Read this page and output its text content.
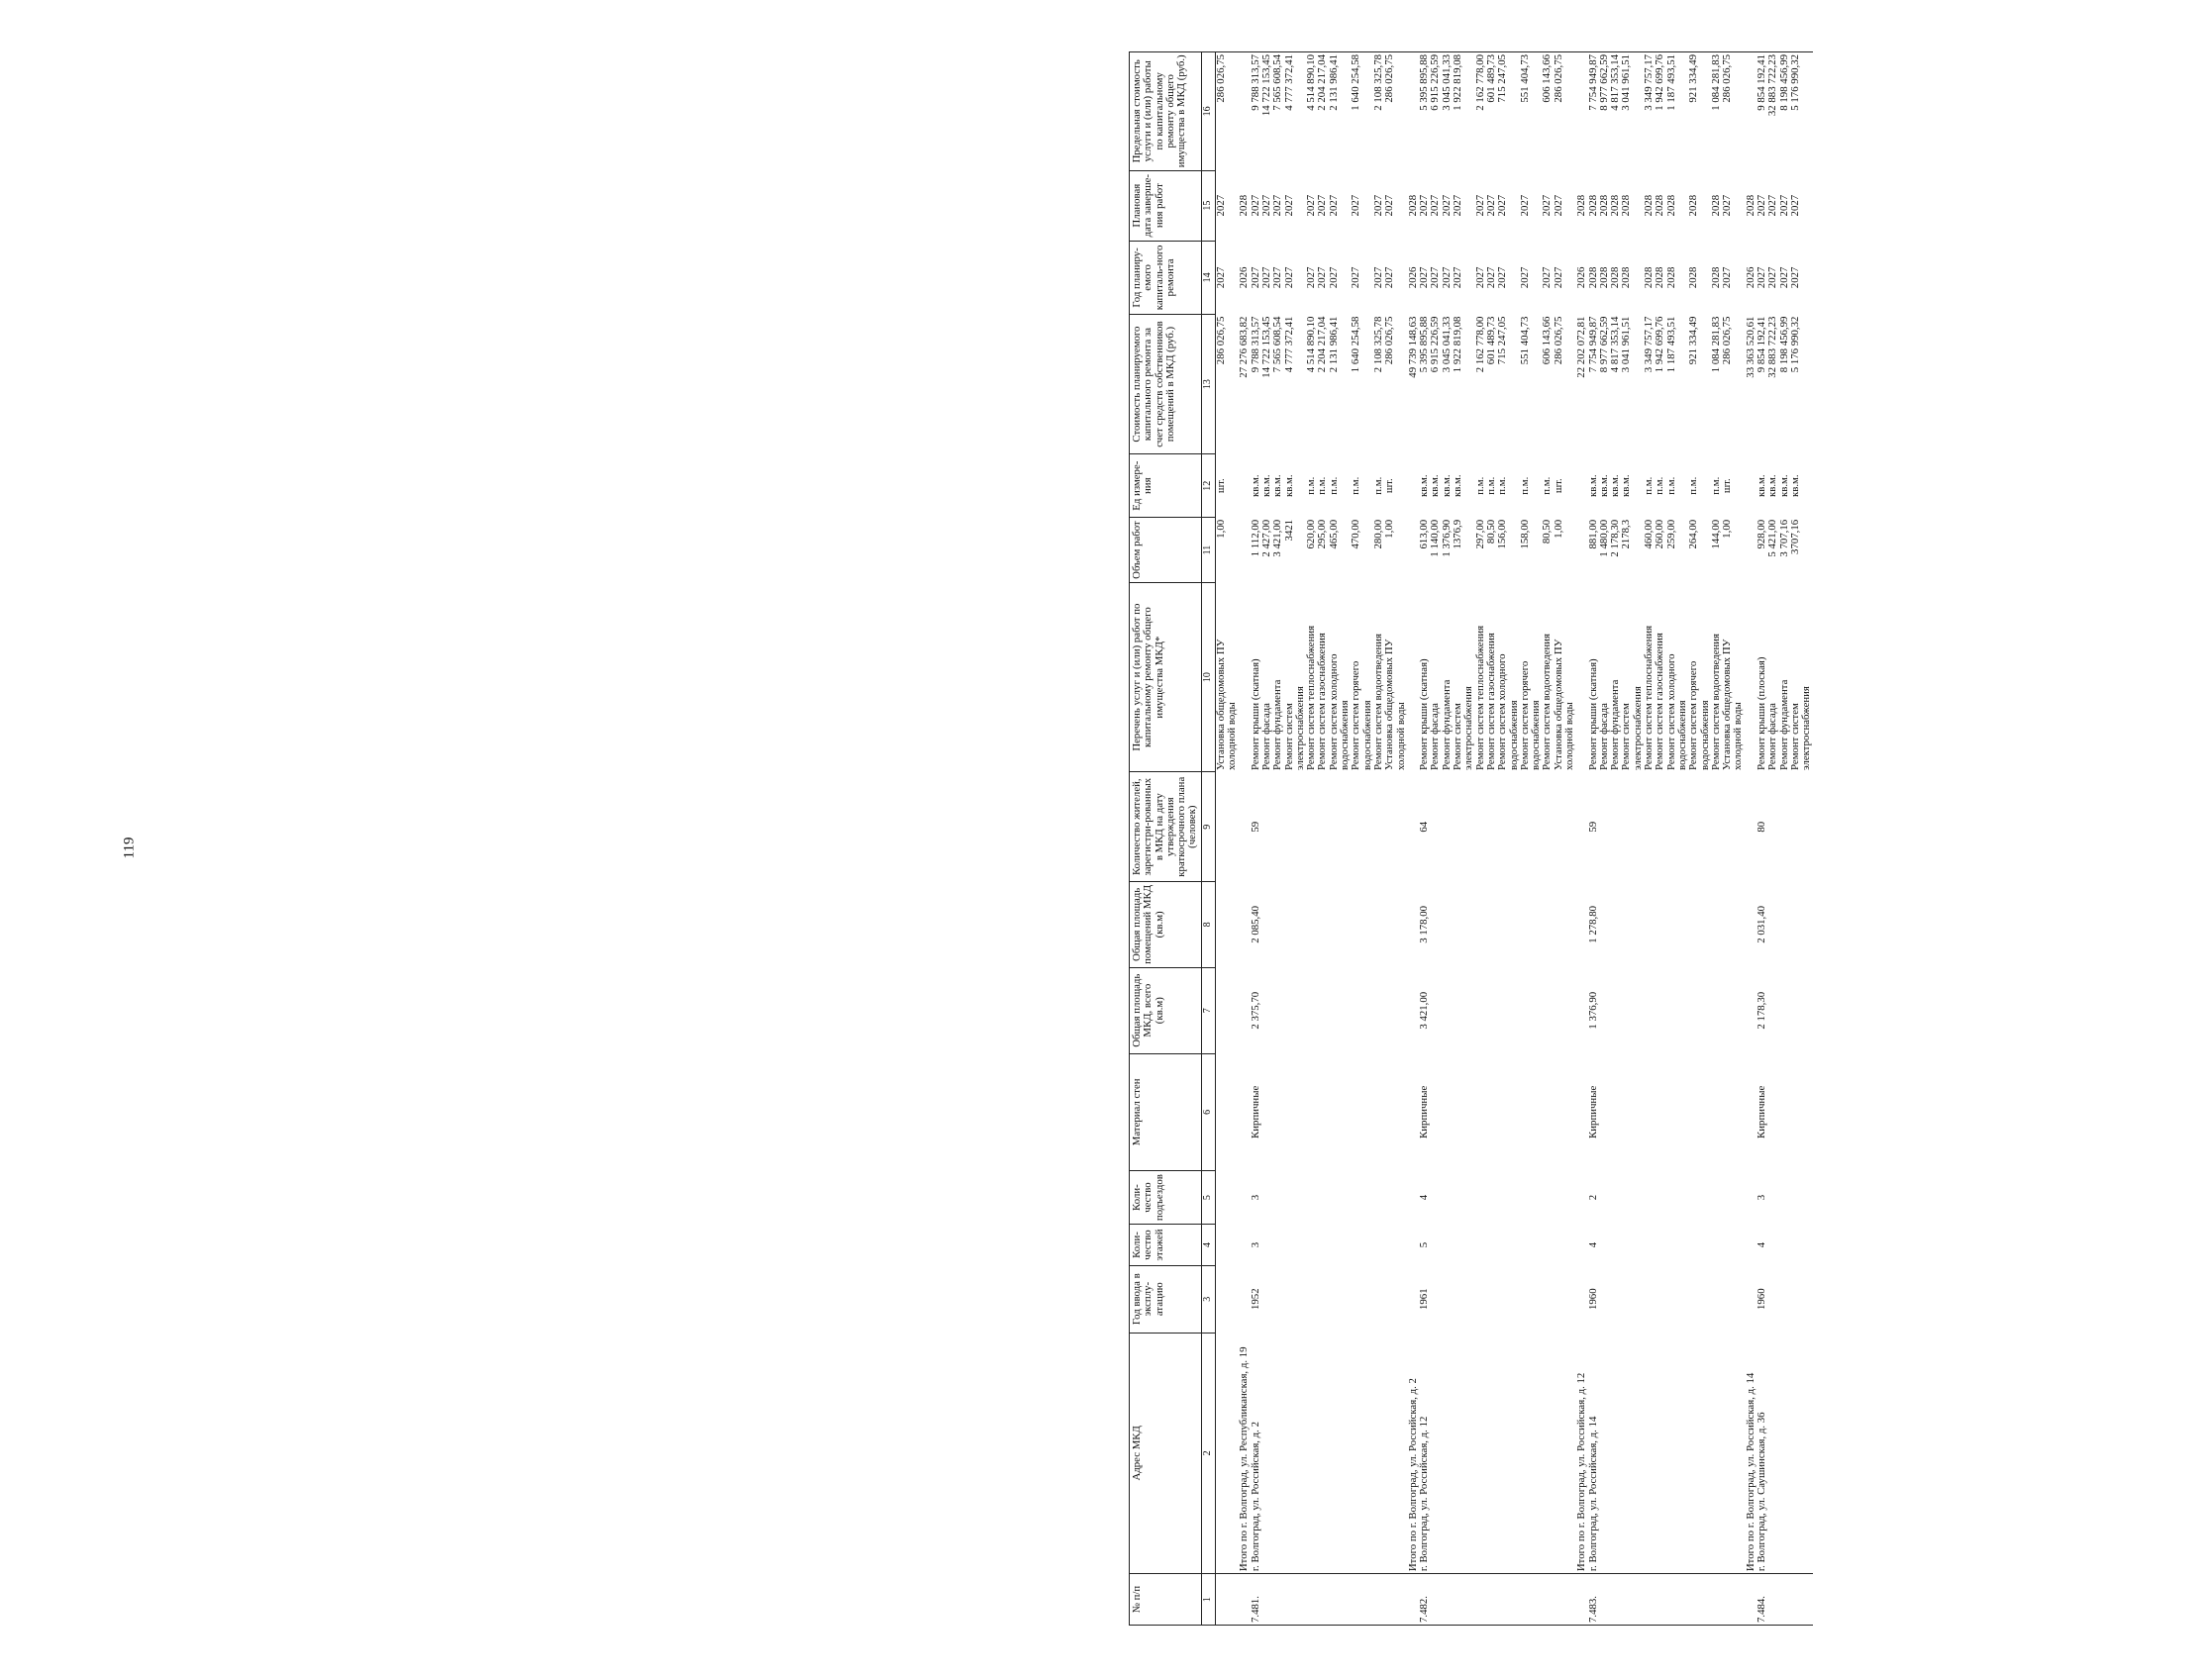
119
№ п/п	Адрес МКД	Год ввода в эксплу-атацию	Коли-чество этажей	Коли-чество подъездов	Материал стен	Общая площадь МКД, всего (кв.м)	Общая площадь помещений МКД (кв.м)	Количество жителей, зарегистри-рованных в МКД на дату утверждения краткосрочного плана (человек)	Перечень услуг и (или) работ по капитальному ремонту общего имущества МКД*	Объем работ	Ед измере-ния	Стоимость планируемого капитального ремонта за счет средств собственников помещений в МКД (руб.)	Год планиру-емого капиталь-ного ремонта	Плановая дата заверше-ния работ	Предельная стоимость услуги и (или) работы по капитальному ремонту общего имущества в МКД (руб.)
1	2	3	4	5	6	7	8	9	10	11	12	13	14	15	16

									Установка общедомовых ПУ холодной воды	1,00	шт.	286 026,75	2027	2027	286 026,75
	Итого по г. Волгоград, ул. Республиканская, д. 19											27 276 683,82	2026	2028	
7.481.	г. Волгоград, ул. Российская, д. 2	1952	3	3	Кирпичные	2 375,70	2 085,40	59	Ремонт крыши (скатная)	1 112,00	кв.м.	9 788 313,57	2027	2027	9 788 313,57

									Ремонт фасада	2 427,00	кв.м.	14 722 153,45	2027	2027	14 722 153,45

									Ремонт фундамента	3 421,00	кв.м.	7 565 608,54	2027	2027	7 565 608,54

									Ремонт систем электроснабжения	3421	кв.м.	4 777 372,41	2027	2027	4 777 372,41

									Ремонт систем теплоснабжения	620,00	п.м.	4 514 890,10	2027	2027	4 514 890,10

									Ремонт систем газоснабжения	295,00	п.м.	2 204 217,04	2027	2027	2 204 217,04

									Ремонт систем холодного водоснабжения	465,00	п.м.	2 131 986,41	2027	2027	2 131 986,41

									Ремонт систем горячего водоснабжения	470,00	п.м.	1 640 254,58	2027	2027	1 640 254,58

									Ремонт систем водоотведения	280,00	п.м.	2 108 325,78	2027	2027	2 108 325,78

									Установка общедомовых ПУ холодной воды	1,00	шт.	286 026,75	2027	2027	286 026,75
	Итого по г. Волгоград, ул. Российская, д. 2											49 739 148,63	2026	2028	
7.482.	г. Волгоград, ул. Российская, д. 12	1961	5	4	Кирпичные	3 421,00	3 178,00	64	Ремонт крыши (скатная)	613,00	кв.м.	5 395 895,88	2027	2027	5 395 895,88

									Ремонт фасада	1 140,00	кв.м.	6 915 226,59	2027	2027	6 915 226,59

									Ремонт фундамента	1 376,90	кв.м.	3 045 041,33	2027	2027	3 045 041,33

									Ремонт систем электроснабжения	1376,9	кв.м.	1 922 819,08	2027	2027	1 922 819,08

									Ремонт систем теплоснабжения	297,00	п.м.	2 162 778,00	2027	2027	2 162 778,00

									Ремонт систем газоснабжения	80,50	п.м.	601 489,73	2027	2027	601 489,73

									Ремонт систем холодного водоснабжения	156,00	п.м.	715 247,05	2027	2027	715 247,05

									Ремонт систем горячего водоснабжения	158,00	п.м.	551 404,73	2027	2027	551 404,73

									Ремонт систем водоотведения	80,50	п.м.	606 143,66	2027	2027	606 143,66

									Установка общедомовых ПУ холодной воды	1,00	шт.	286 026,75	2027	2027	286 026,75
	Итого по г. Волгоград, ул. Российская, д. 12											22 202 072,81	2026	2028	
7.483.	г. Волгоград, ул. Российская, д. 14	1960	4	2	Кирпичные	1 376,90	1 278,80	59	Ремонт крыши (скатная)	881,00	кв.м.	7 754 949,87	2028	2028	7 754 949,87

									Ремонт фасада	1 480,00	кв.м.	8 977 662,59	2028	2028	8 977 662,59

									Ремонт фундамента	2 178,30	кв.м.	4 817 353,14	2028	2028	4 817 353,14

									Ремонт систем электроснабжения	2178,3	кв.м.	3 041 961,51	2028	2028	3 041 961,51

									Ремонт систем теплоснабжения	460,00	п.м.	3 349 757,17	2028	2028	3 349 757,17

									Ремонт систем газоснабжения	260,00	п.м.	1 942 699,76	2028	2028	1 942 699,76

									Ремонт систем холодного водоснабжения	259,00	п.м.	1 187 493,51	2028	2028	1 187 493,51

									Ремонт систем горячего водоснабжения	264,00	п.м.	921 334,49	2028	2028	921 334,49

									Ремонт систем водоотведения	144,00	п.м.	1 084 281,83	2028	2028	1 084 281,83

									Установка общедомовых ПУ холодной воды	1,00	шт.	286 026,75	2027	2027	286 026,75
	Итого по г. Волгоград, ул. Российская, д. 14											33 363 520,61	2026	2028	
7.484.	г. Волгоград, ул. Саушинская, д. 36	1960	4	3	Кирпичные	2 178,30	2 031,40	80	Ремонт крыши (плоская)	928,00	кв.м.	9 854 192,41	2027	2027	9 854 192,41

									Ремонт фасада	5 421,00	кв.м.	32 883 722,23	2027	2027	32 883 722,23

									Ремонт фундамента	3 707,16	кв.м.	8 198 456,99	2027	2027	8 198 456,99

									Ремонт систем электроснабжения	3707,16	кв.м.	5 176 990,32	2027	2027	5 176 990,32
